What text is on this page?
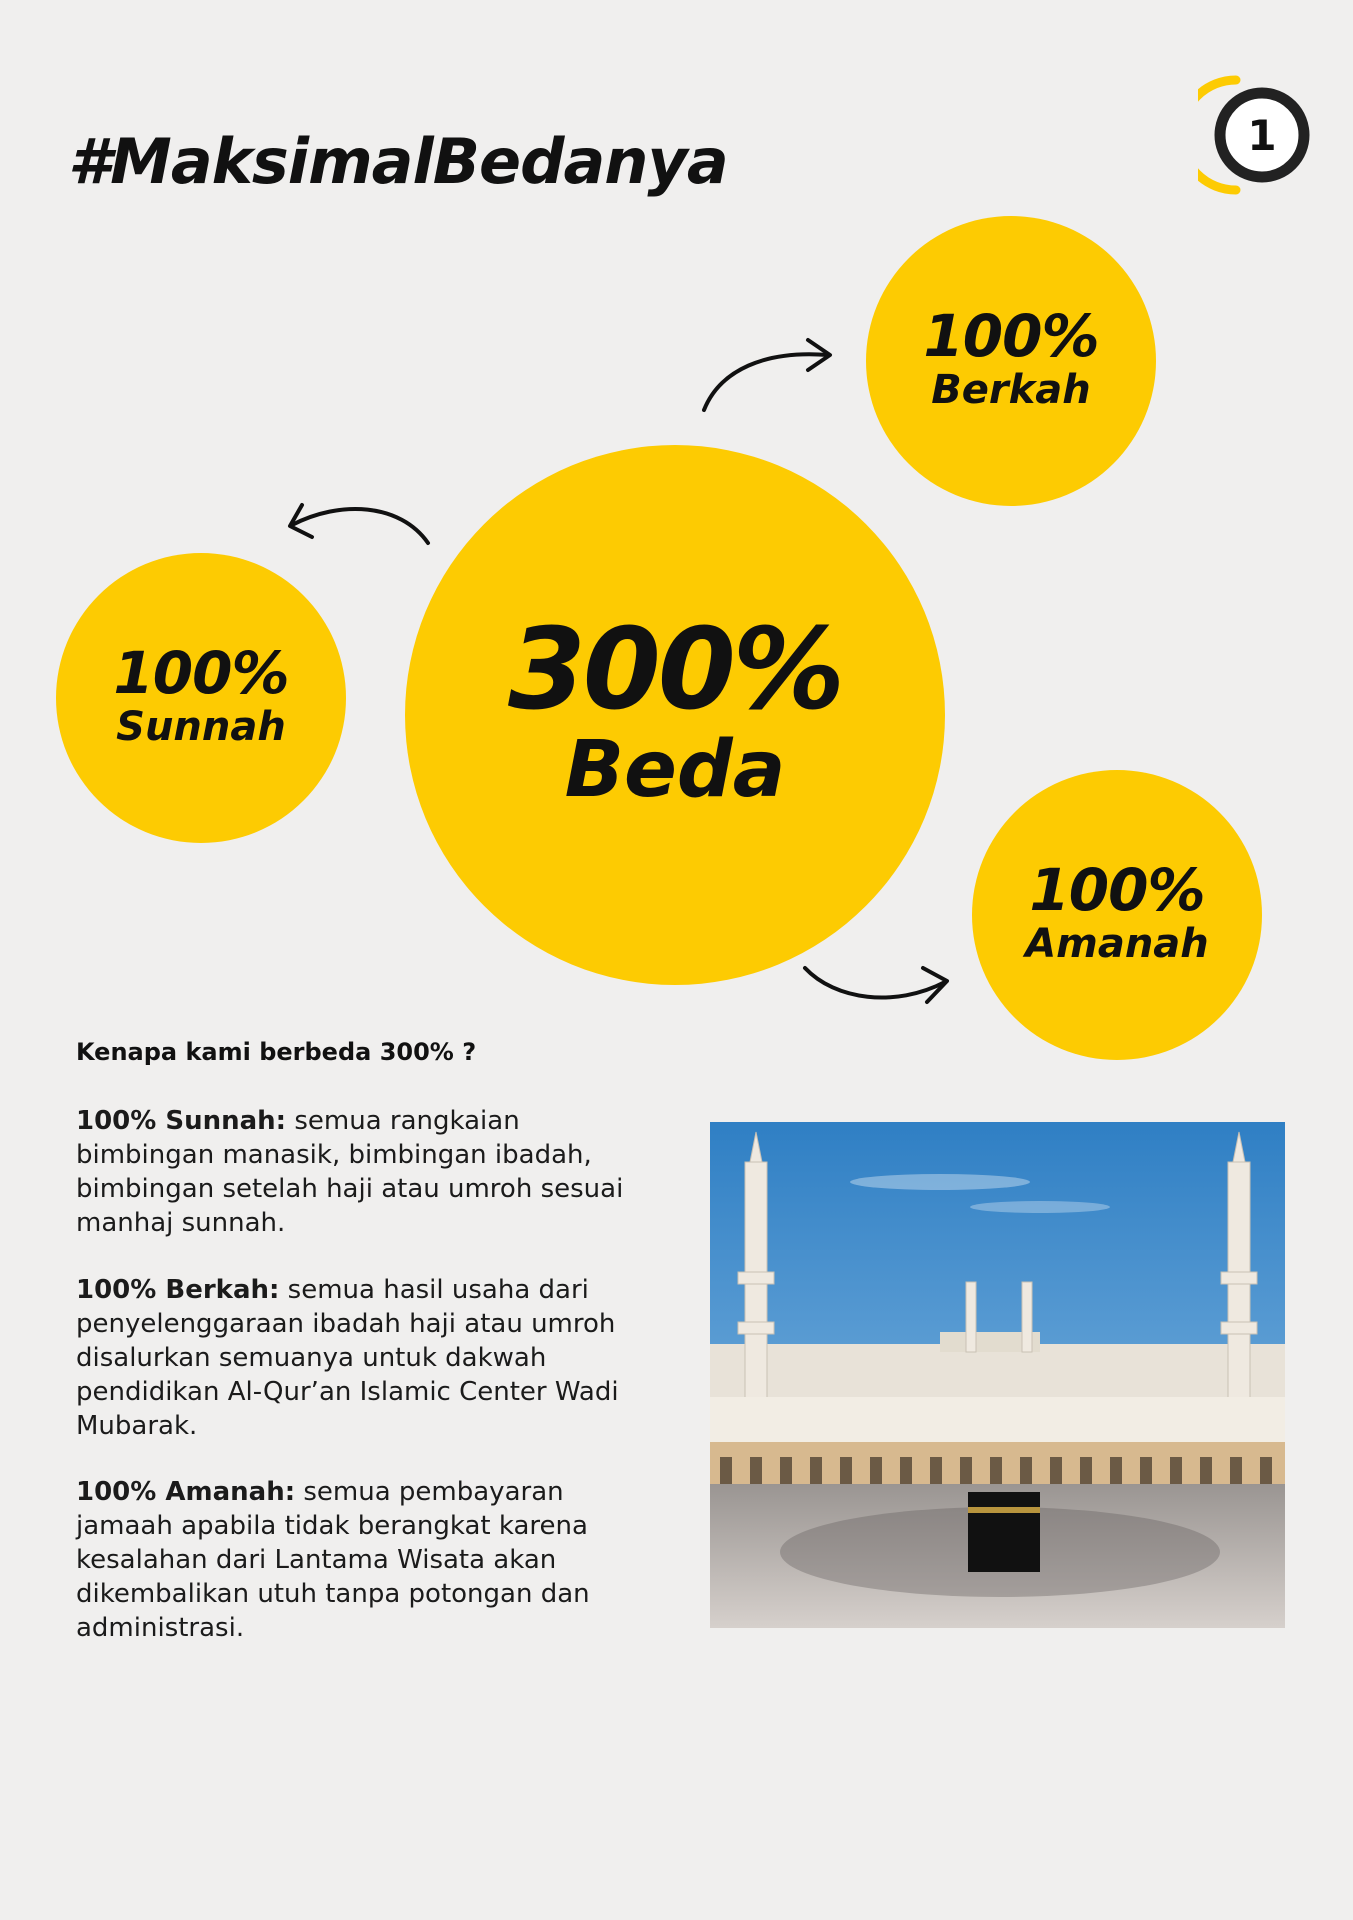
#MaksimalBedanya	1
300%
Beda
100%
Berkah
100%
Sunnah
100%
Amanah
Kenapa kami berbeda 300% ?
100% Sunnah: semua rangkaian bimbingan manasik, bimbingan ibadah, bimbingan setelah haji atau umroh sesuai manhaj sunnah.
100% Berkah: semua hasil usaha dari penyelenggaraan ibadah haji atau umroh disalurkan semuanya untuk dakwah pendidikan Al-Qur’an Islamic Center Wadi Mubarak.
100% Amanah: semua pembayaran jamaah apabila tidak berangkat karena kesalahan dari Lantama Wisata akan dikembalikan utuh tanpa potongan dan administrasi.
